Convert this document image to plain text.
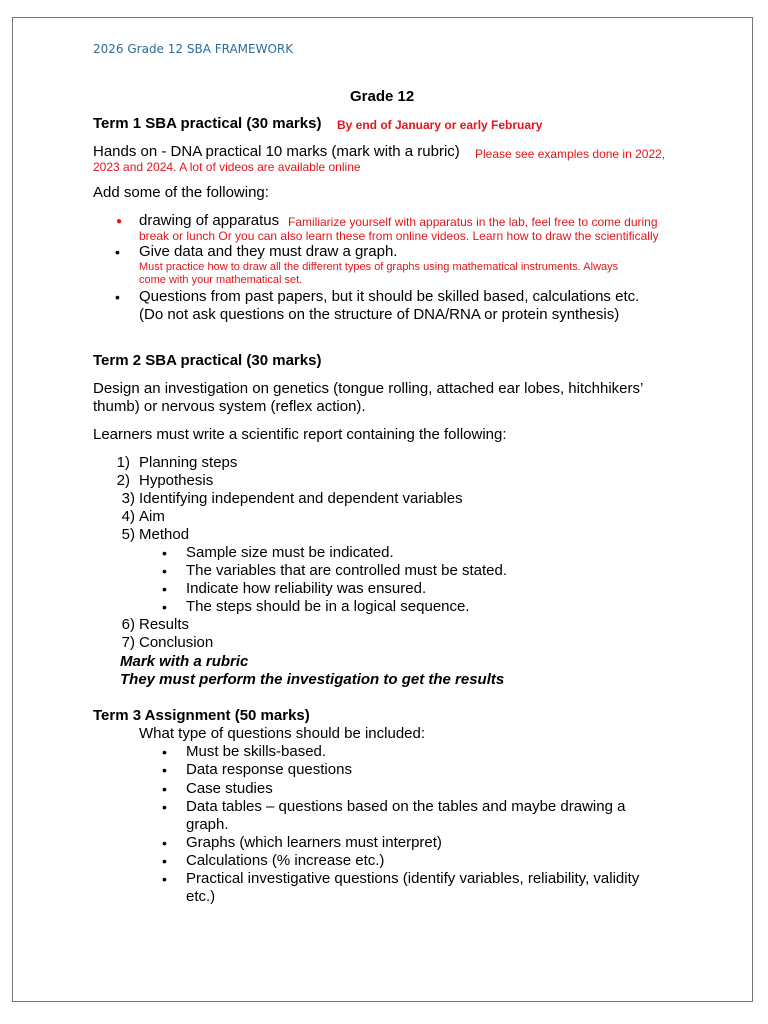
2026 Grade 12 SBA FRAMEWORK
Grade 12
Term 1 SBA practical (30 marks) By end of January or early February
Hands on - DNA practical 10 marks (mark with a rubric) Please see examples done in 2022,
2023 and 2024. A lot of videos are available online
Add some of the following:
● drawing of apparatus Familiarize yourself with apparatus in the lab, feel free to come during
break or lunch Or you can also learn these from online videos. Learn how to draw the scientifically
• Give data and they must draw a graph.
Must practice how to draw all the different types of graphs using mathematical instruments. Always
come with your mathematical set.
• Questions from past papers, but it should be skilled based, calculations etc.
(Do not ask questions on the structure of DNA/RNA or protein synthesis)
Term 2 SBA practical (30 marks)
Design an investigation on genetics (tongue rolling, attached ear lobes, hitchhikers’
thumb) or nervous system (reflex action).
Learners must write a scientific report containing the following:
1) Planning steps
2) Hypothesis
3) Identifying independent and dependent variables
4) Aim
5) Method
• Sample size must be indicated.
• The variables that are controlled must be stated.
• Indicate how reliability was ensured.
• The steps should be in a logical sequence.
6) Results
7) Conclusion
Mark with a rubric
They must perform the investigation to get the results
Term 3 Assignment (50 marks)
What type of questions should be included:
• Must be skills-based.
• Data response questions
• Case studies
• Data tables – questions based on the tables and maybe drawing a
graph.
• Graphs (which learners must interpret)
• Calculations (% increase etc.)
• Practical investigative questions (identify variables, reliability, validity
etc.)
